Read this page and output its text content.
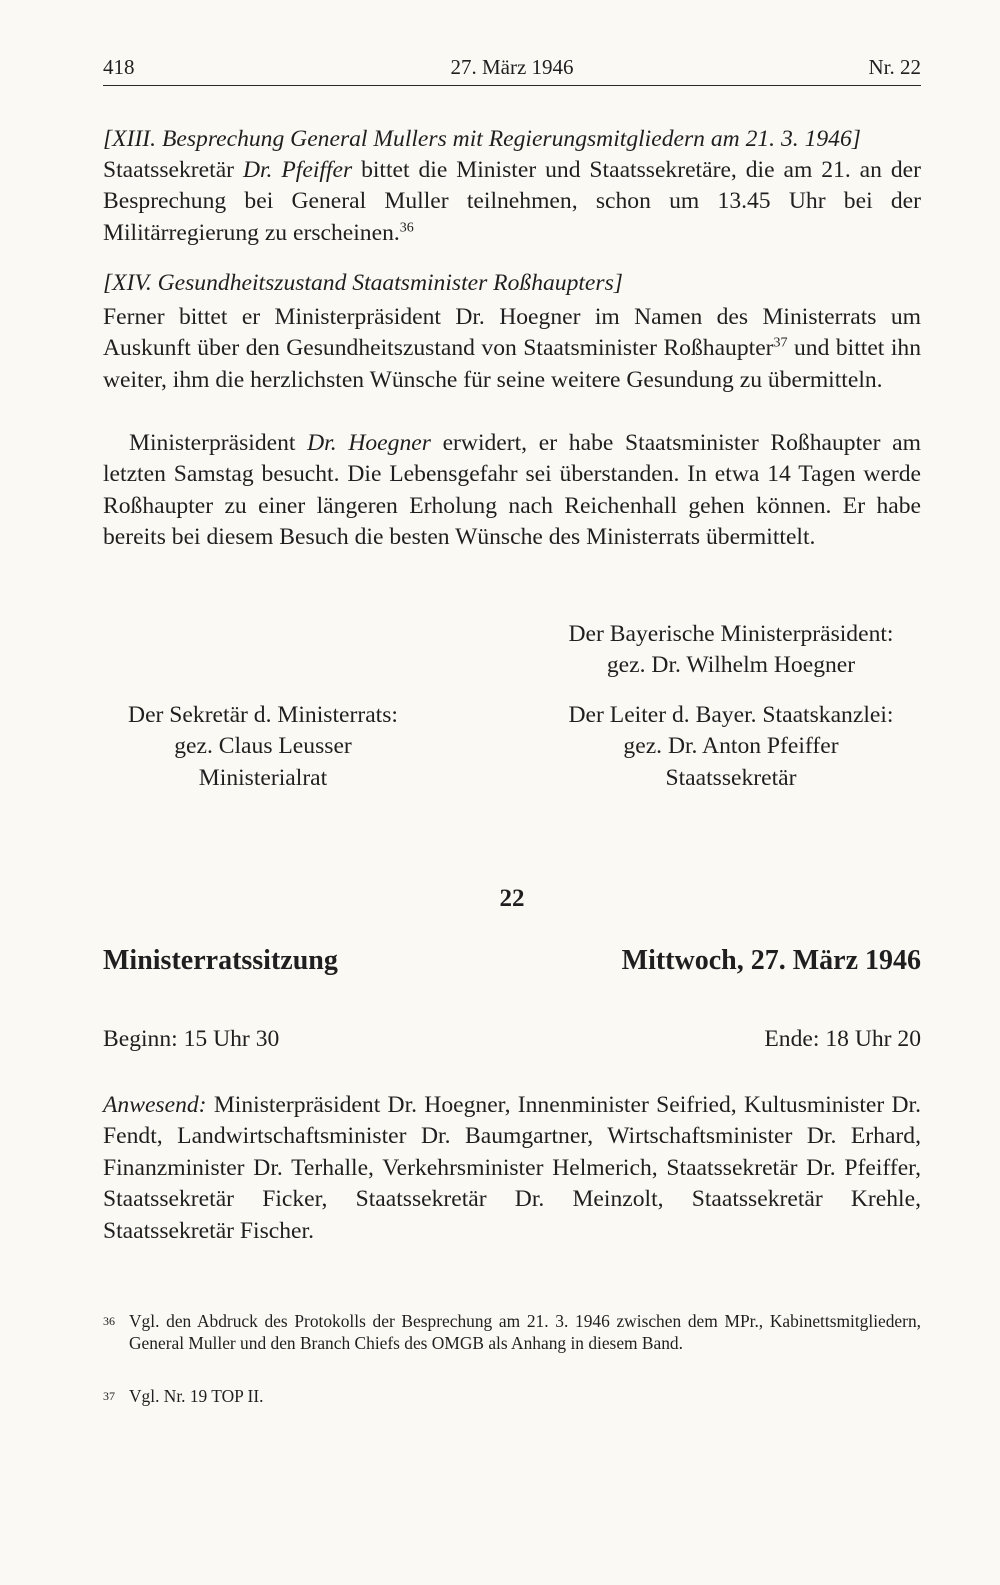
418	27. März 1946	Nr. 22

[XIII. Besprechung General Mullers mit Regierungsmitgliedern am 21. 3. 1946]

Staatssekretär Dr. Pfeiffer bittet die Minister und Staatssekretäre, die am 21. an der Besprechung bei General Muller teilnehmen, schon um 13.45 Uhr bei der Militärregierung zu erscheinen.$^{36}$

[XIV. Gesundheitszustand Staatsminister Roßhaupters]

Ferner bittet er Ministerpräsident Dr. Hoegner im Namen des Ministerrats um Auskunft über den Gesundheitszustand von Staatsminister Roßhaupter$^{37}$ und bittet ihn weiter, ihm die herzlichsten Wünsche für seine weitere Gesundung zu übermitteln.

Ministerpräsident Dr. Hoegner erwidert, er habe Staatsminister Roßhaupter am letzten Samstag besucht. Die Lebensgefahr sei überstanden. In etwa 14 Tagen werde Roßhaupter zu einer längeren Erholung nach Reichenhall gehen können. Er habe bereits bei diesem Besuch die besten Wünsche des Ministerrats übermittelt.

Der Bayerische Ministerpräsident:
gez. Dr. Wilhelm Hoegner
Der Sekretär d. Ministerrats:
gez. Claus Leusser
Ministerialrat
Der Leiter d. Bayer. Staatskanzlei:
gez. Dr. Anton Pfeiffer
Staatssekretär
22
Ministerratssitzung	Mittwoch, 27. März 1946
Beginn: 15 Uhr 30	Ende: 18 Uhr 20

Anwesend: Ministerpräsident Dr. Hoegner, Innenminister Seifried, Kultusminister Dr. Fendt, Landwirtschaftsminister Dr. Baumgartner, Wirtschaftsminister Dr. Erhard, Finanzminister Dr. Terhalle, Verkehrsminister Helmerich, Staatssekretär Dr. Pfeiffer, Staatssekretär Ficker, Staatssekretär Dr. Meinzolt, Staatssekretär Krehle, Staatssekretär Fischer.

36 Vgl. den Abdruck des Protokolls der Besprechung am 21. 3. 1946 zwischen dem MPr., Kabinettsmitgliedern, General Muller und den Branch Chiefs des OMGB als Anhang in diesem Band.
37 Vgl. Nr. 19 TOP II.
